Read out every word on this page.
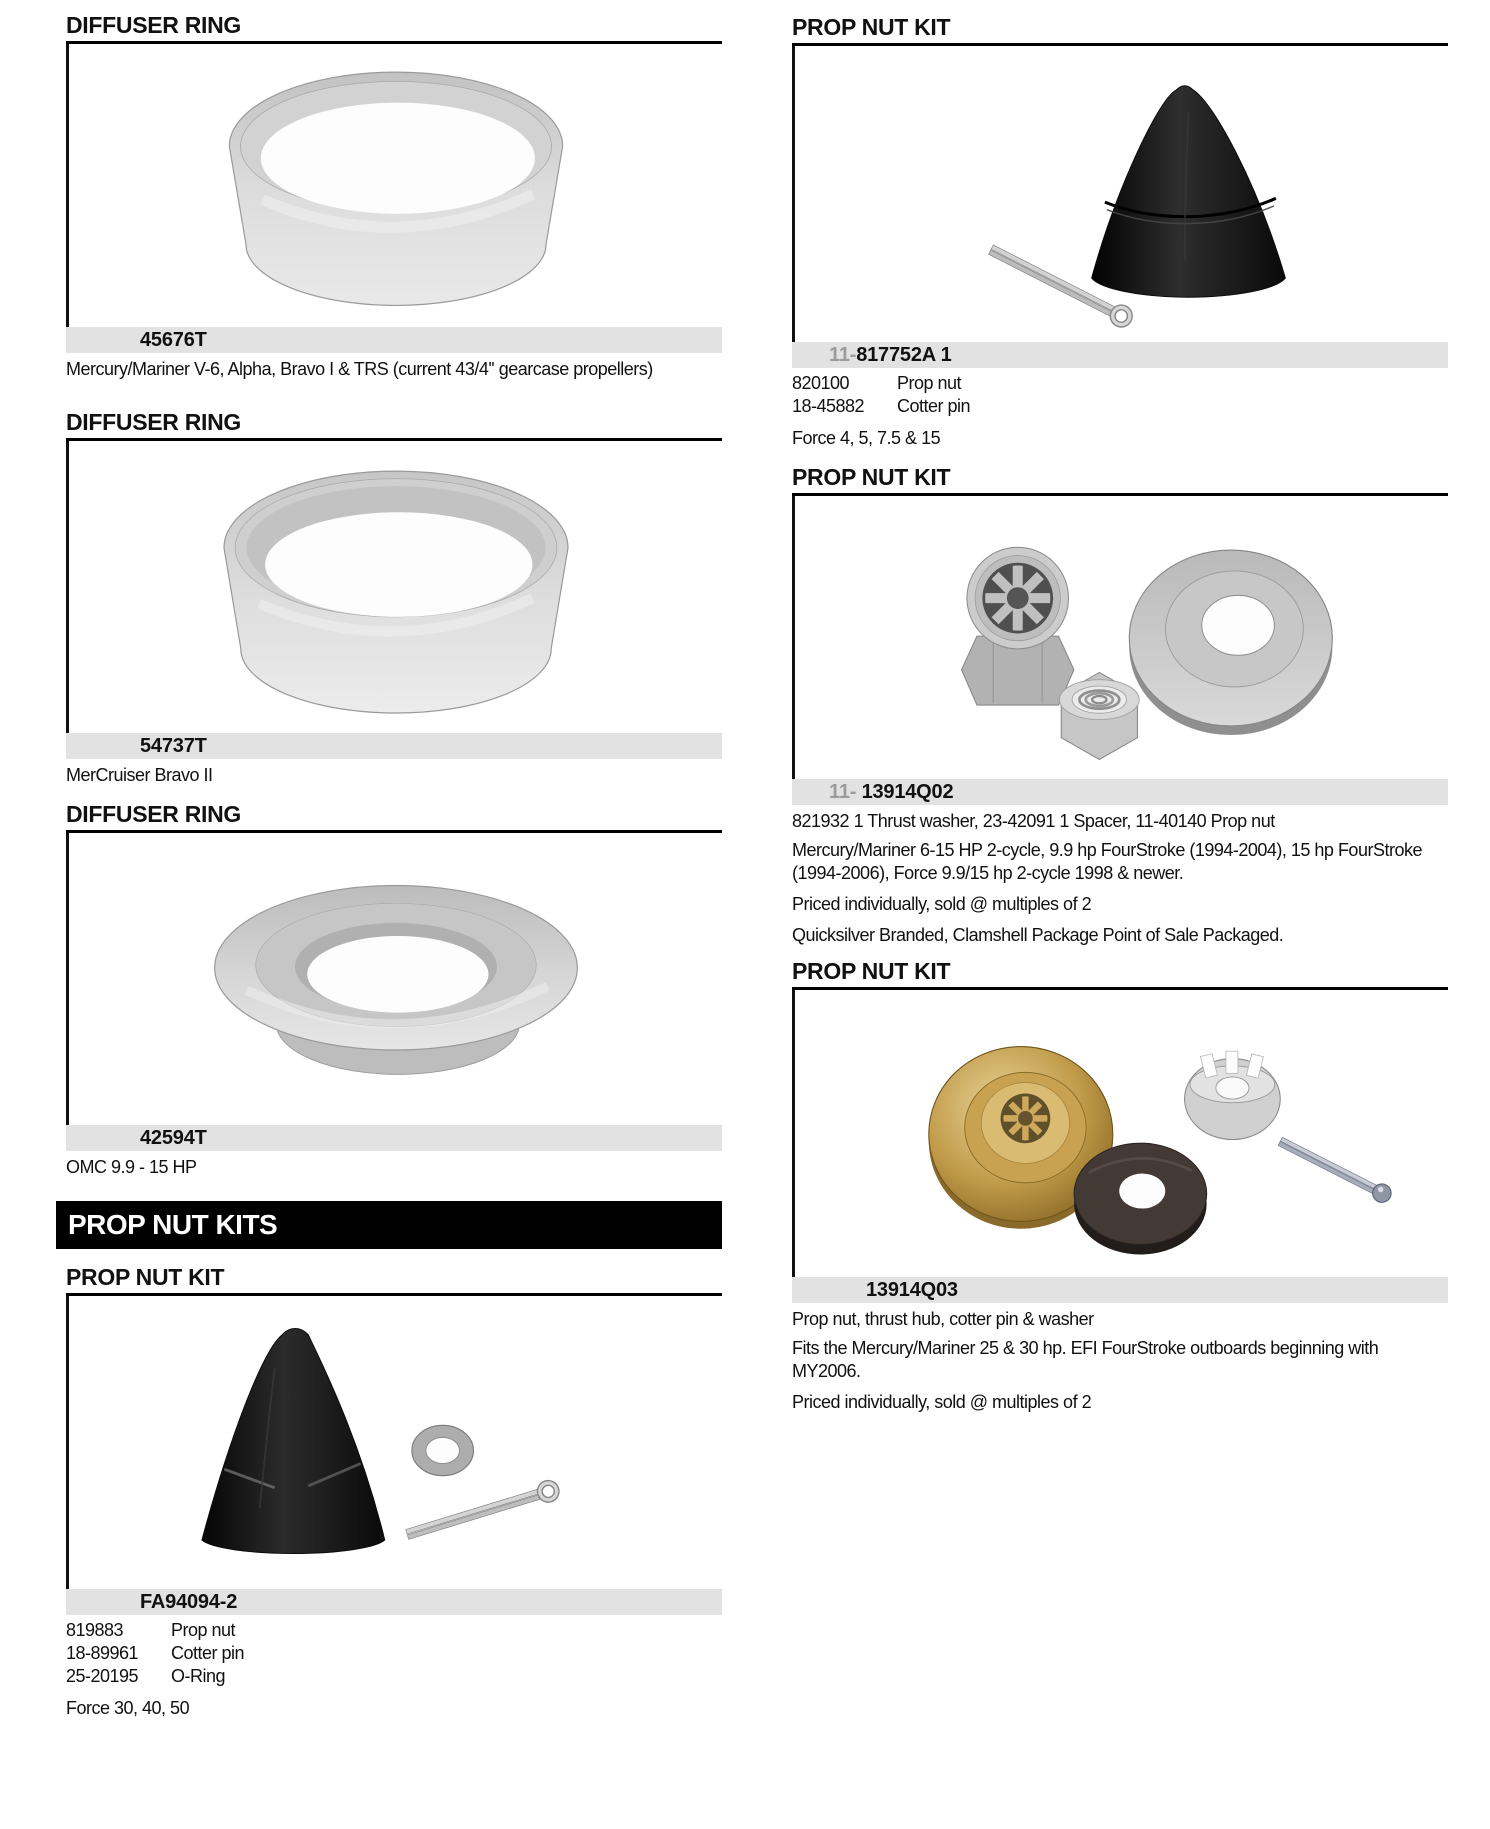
DIFFUSER RING
45676T

Mercury/Mariner V-6, Alpha, Bravo I & TRS (current 43/4'' gearcase propellers)

DIFFUSER RING
54737T

MerCruiser Bravo II

DIFFUSER RING
42594T

OMC 9.9 - 15 HP

PROP NUT KITS
PROP NUT KIT
FA94094-2
819883	Prop nut
18-89961	Cotter pin
25-20195	O-Ring

Force 30, 40, 50

PROP NUT KIT
11- 817752A 1
820100	Prop nut
18-45882	Cotter pin

Force 4, 5, 7.5 & 15

PROP NUT KIT
11- 13914Q02

821932 1 Thrust washer, 23-42091 1 Spacer, 11-40140 Prop nut

Mercury/Mariner 6-15 HP 2-cycle, 9.9 hp FourStroke (1994-2004), 15 hp FourStroke (1994-2006), Force 9.9/15 hp 2-cycle 1998 & newer.

Priced individually, sold @ multiples of 2

Quicksilver Branded, Clamshell Package Point of Sale Packaged.

PROP NUT KIT
13914Q03

Prop nut, thrust hub, cotter pin & washer

Fits the Mercury/Mariner 25 & 30 hp. EFI FourStroke outboards beginning with MY2006.

Priced individually, sold @ multiples of 2
